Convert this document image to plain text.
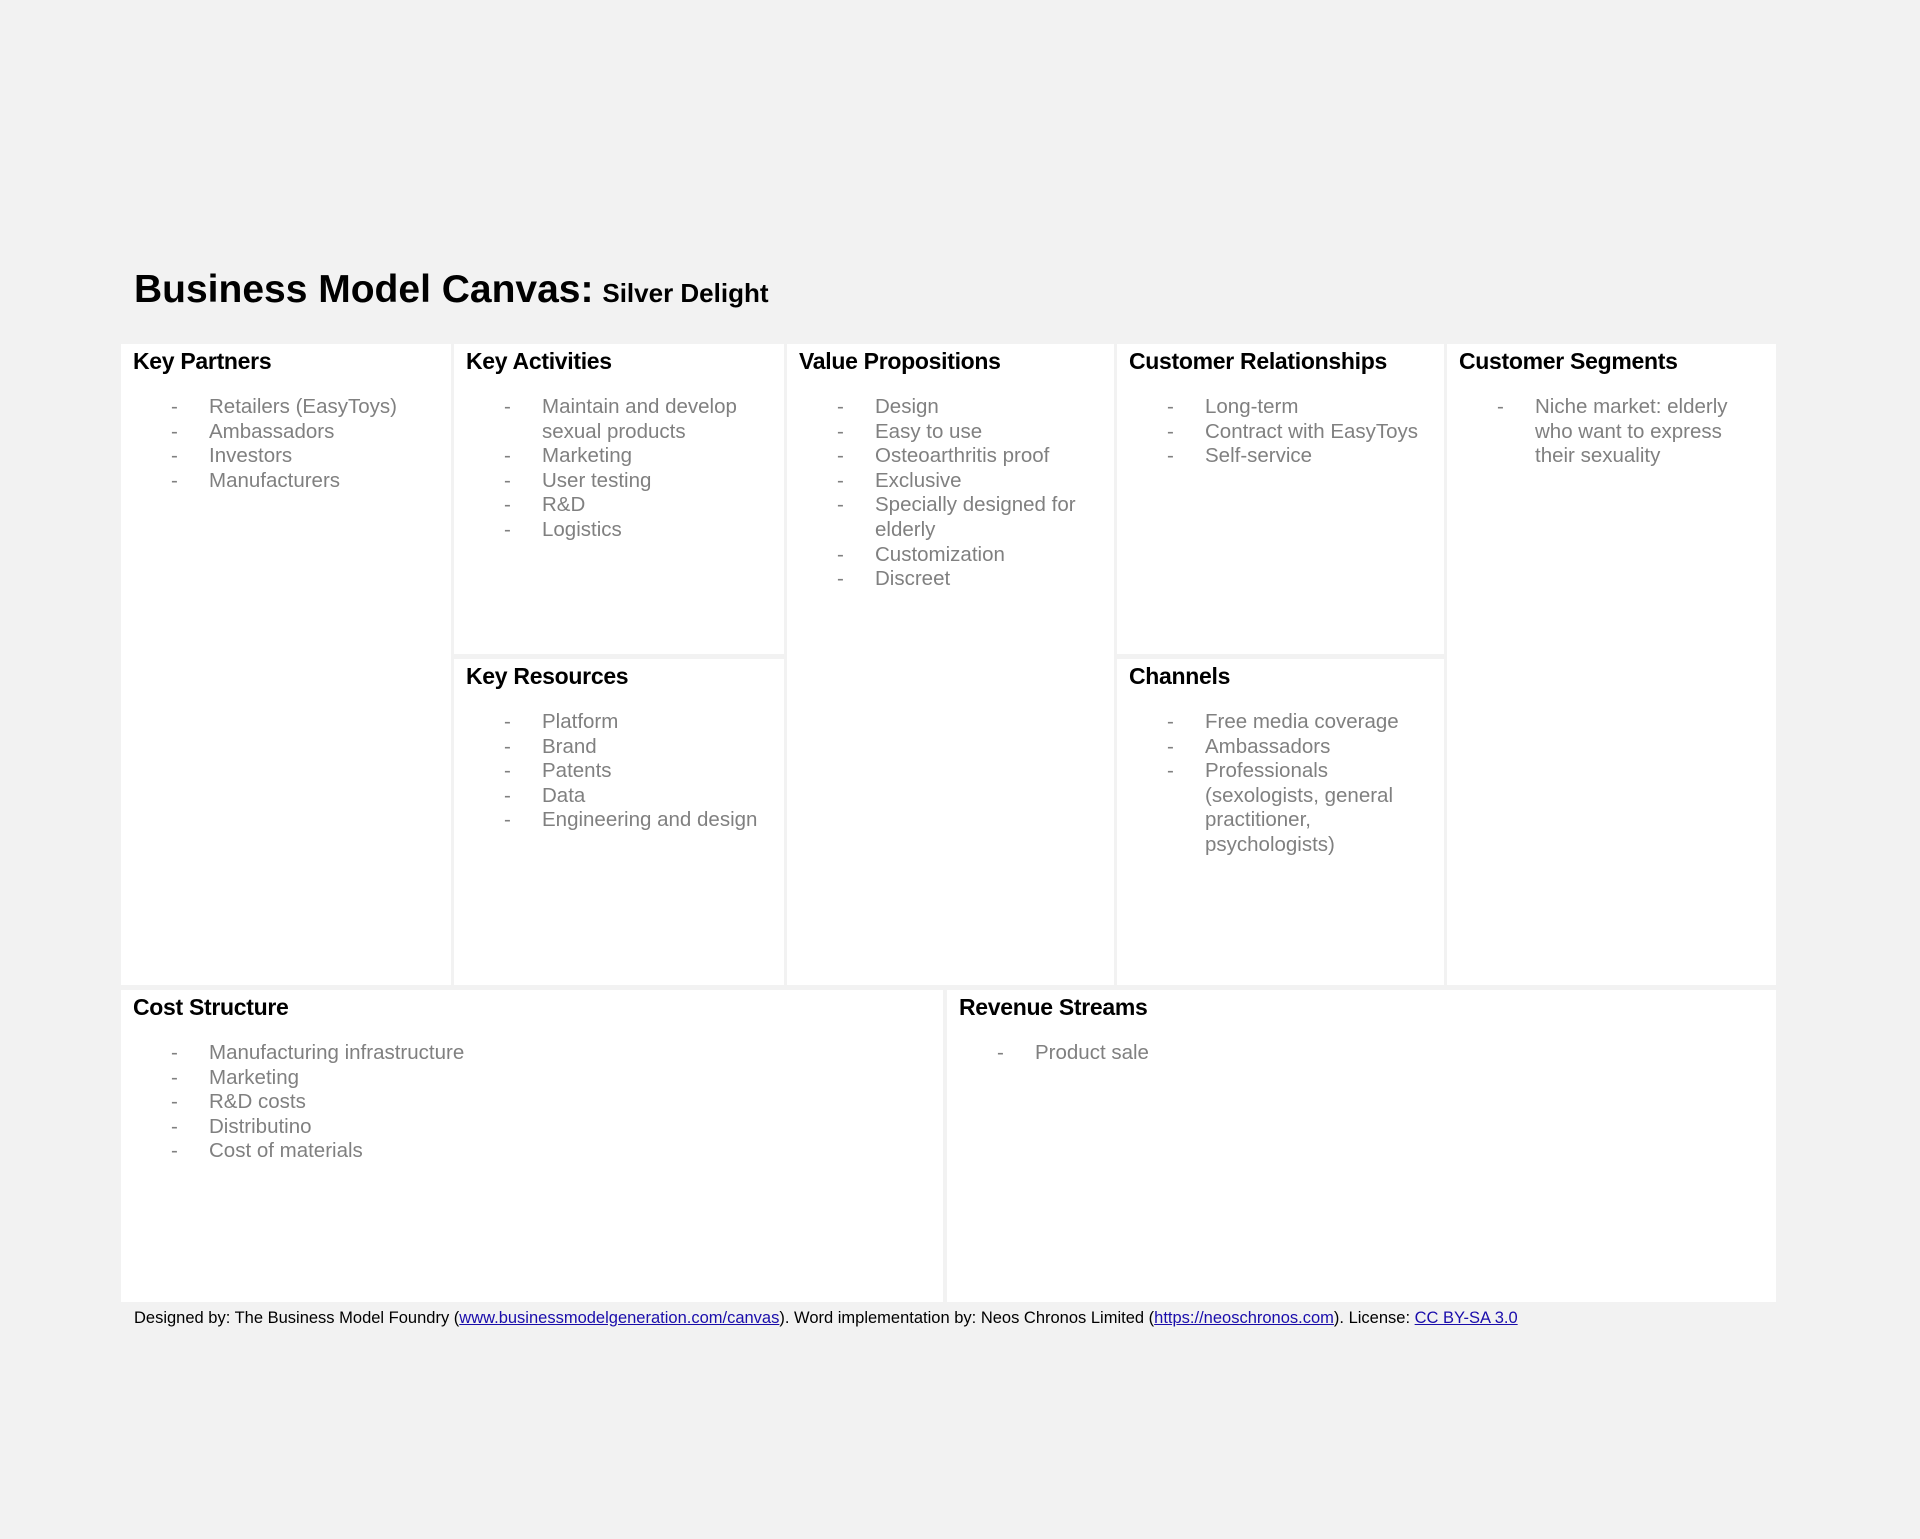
Business Model Canvas: Silver Delight
Key Partners
- Retailers (EasyToys)
- Ambassadors
- Investors
- Manufacturers
Key Activities
- Maintain and develop sexual products
- Marketing
- User testing
- R&D
- Logistics
Key Resources
- Platform
- Brand
- Patents
- Data
- Engineering and design
Value Propositions
- Design
- Easy to use
- Osteoarthritis proof
- Exclusive
- Specially designed for elderly
- Customization
- Discreet
Customer Relationships
- Long-term
- Contract with EasyToys
- Self-service
Channels
- Free media coverage
- Ambassadors
- Professionals (sexologists, general practitioner, psychologists)
Customer Segments
- Niche market: elderly who want to express their sexuality
Cost Structure
- Manufacturing infrastructure
- Marketing
- R&D costs
- Distributino
- Cost of materials
Revenue Streams
- Product sale
Designed by: The Business Model Foundry (www.businessmodelgeneration.com/canvas). Word implementation by: Neos Chronos Limited (https://neoschronos.com). License: CC BY-SA 3.0
